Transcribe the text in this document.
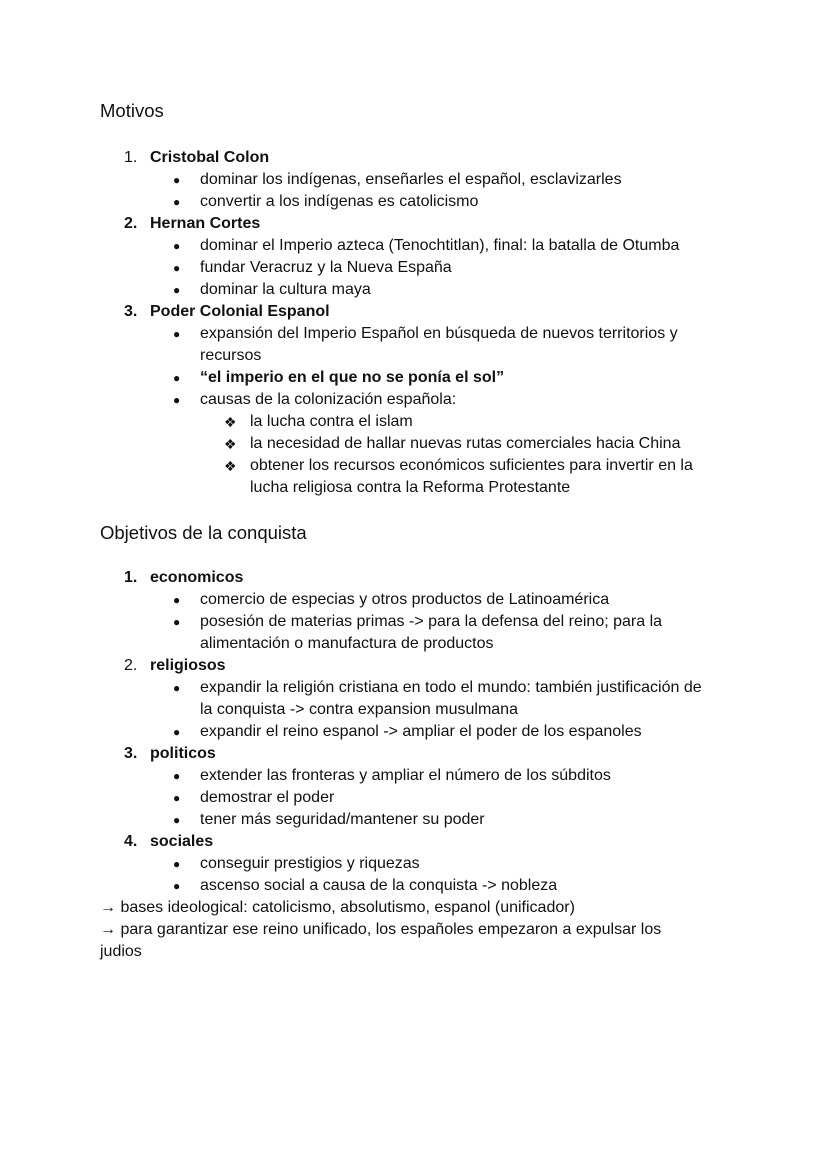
Motivos
1. Cristobal Colon
● dominar los indígenas, enseñarles el español, esclavizarles
● convertir a los indígenas es catolicismo
2. Hernan Cortes
● dominar el Imperio azteca (Tenochtitlan), final: la batalla de Otumba
● fundar Veracruz y la Nueva España
● dominar la cultura maya
3. Poder Colonial Espanol
● expansión del Imperio Español en búsqueda de nuevos territorios y
recursos
● “el imperio en el que no se ponía el sol”
● causas de la colonización española:
❖ la lucha contra el islam
❖ la necesidad de hallar nuevas rutas comerciales hacia China
❖ obtener los recursos económicos suficientes para invertir en la
lucha religiosa contra la Reforma Protestante
Objetivos de la conquista
1. economicos
● comercio de especias y otros productos de Latinoamérica
● posesión de materias primas -> para la defensa del reino; para la
alimentación o manufactura de productos
2. religiosos
● expandir la religión cristiana en todo el mundo: también justificación de
la conquista -> contra expansion musulmana
● expandir el reino espanol -> ampliar el poder de los espanoles
3. politicos
● extender las fronteras y ampliar el número de los súbditos
● demostrar el poder
● tener más seguridad/mantener su poder
4. sociales
● conseguir prestigios y riquezas
● ascenso social a causa de la conquista -> nobleza
→ bases ideological: catolicismo, absolutismo, espanol (unificador)
→ para garantizar ese reino unificado, los españoles empezaron a expulsar los
judios
